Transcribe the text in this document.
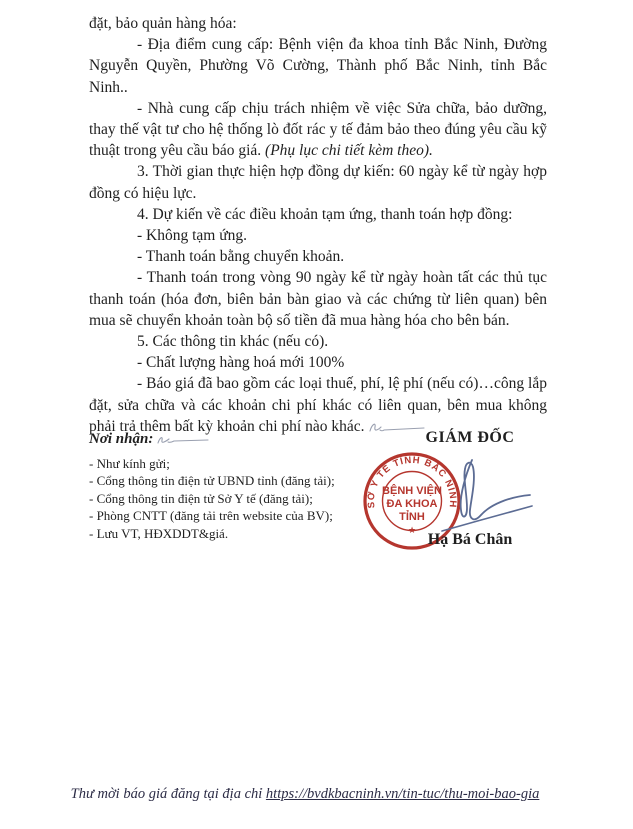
đặt, bảo quản hàng hóa:

- Địa điểm cung cấp: Bệnh viện đa khoa tỉnh Bắc Ninh, Đường Nguyễn Quyền, Phường Võ Cường, Thành phố Bắc Ninh, tỉnh Bắc Ninh..

- Nhà cung cấp chịu trách nhiệm về việc Sửa chữa, bảo dưỡng, thay thế vật tư cho hệ thống lò đốt rác y tế đảm bảo theo đúng yêu cầu kỹ thuật trong yêu cầu báo giá. (Phụ lục chi tiết kèm theo).

3. Thời gian thực hiện hợp đồng dự kiến: 60 ngày kể từ ngày hợp đồng có hiệu lực.

4. Dự kiến về các điều khoản tạm ứng, thanh toán hợp đồng:

- Không tạm ứng.

- Thanh toán bằng chuyển khoản.

- Thanh toán trong vòng 90 ngày kể từ ngày hoàn tất các thủ tục thanh toán (hóa đơn, biên bản bàn giao và các chứng từ liên quan) bên mua sẽ chuyển khoản toàn bộ số tiền đã mua hàng hóa cho bên bán.

5. Các thông tin khác (nếu có).

- Chất lượng hàng hoá mới 100%

- Báo giá đã bao gồm các loại thuế, phí, lệ phí (nếu có)…công lắp đặt, sửa chữa và các khoản chi phí khác có liên quan, bên mua không phải trả thêm bất kỳ khoản chi phí nào khác.

Nơi nhận:
- Như kính gửi;
- Cổng thông tin điện tử UBND tỉnh (đăng tải);
- Cổng thông tin điện tử Sở Y tế (đăng tải);
- Phòng CNTT (đăng tải trên website của BV);
- Lưu VT, HĐXDDT&giá.
GIÁM ĐỐC
SỞ Y TẾ TỈNH BẮC NINH
BỆNH VIỆN
ĐA KHOA
TỈNH
★
Hạ Bá Chân
Thư mời báo giá đăng tại địa chỉ https://bvdkbacninh.vn/tin-tuc/thu-moi-bao-gia
